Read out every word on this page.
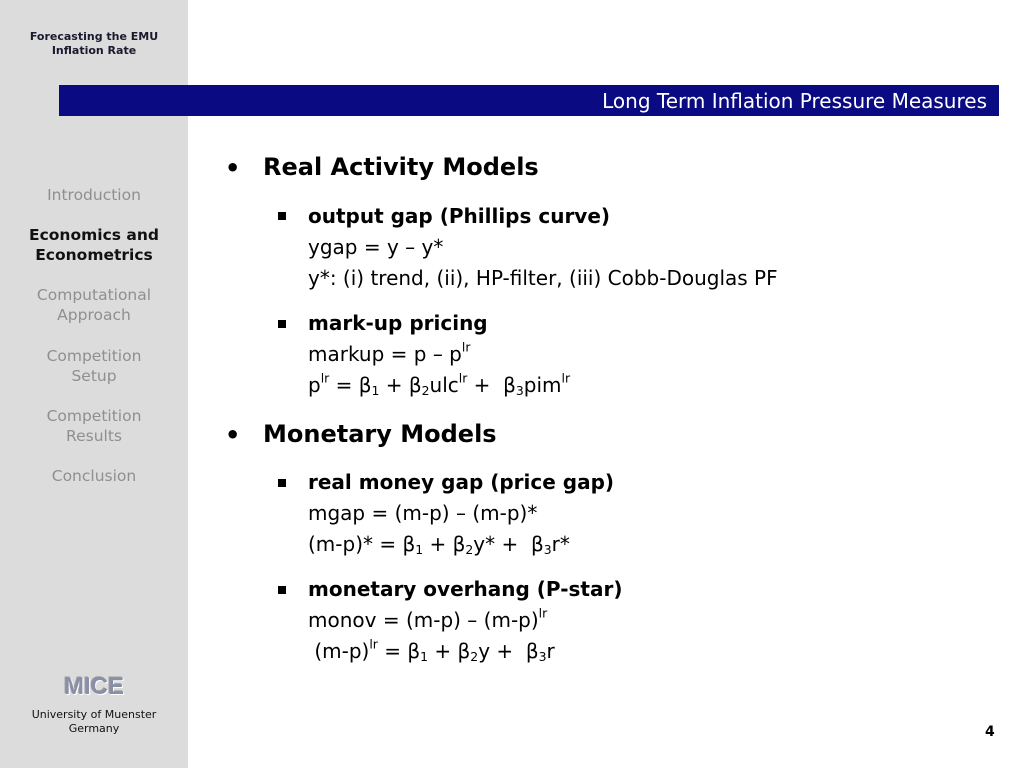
Forecasting the EMU
Inflation Rate
Introduction
Economics and
Econometrics
Computational
Approach
Competition
Setup
Competition
Results
Conclusion
MICE
University of Muenster
Germany
Long Term Inflation Pressure Measures
• Real Activity Models
output gap (Phillips curve)
ygap = y – y*
y*: (i) trend, (ii), HP-filter, (iii) Cobb-Douglas PF
mark-up pricing
markup = p – $p^{lr}$
$p^{lr} = \beta_1 + \beta_2ulc^{lr} + \beta_3pim^{lr}$
• Monetary Models
real money gap (price gap)
mgap = (m-p) – (m-p)*
$(m-p)* = \beta_1 + \beta_2y* + \beta_3r*$
monetary overhang (P-star)
monov = $(m-p) - (m-p)^{lr}$
$(m-p)^{lr} = \beta_1 + \beta_2y + \beta_3r$
4
